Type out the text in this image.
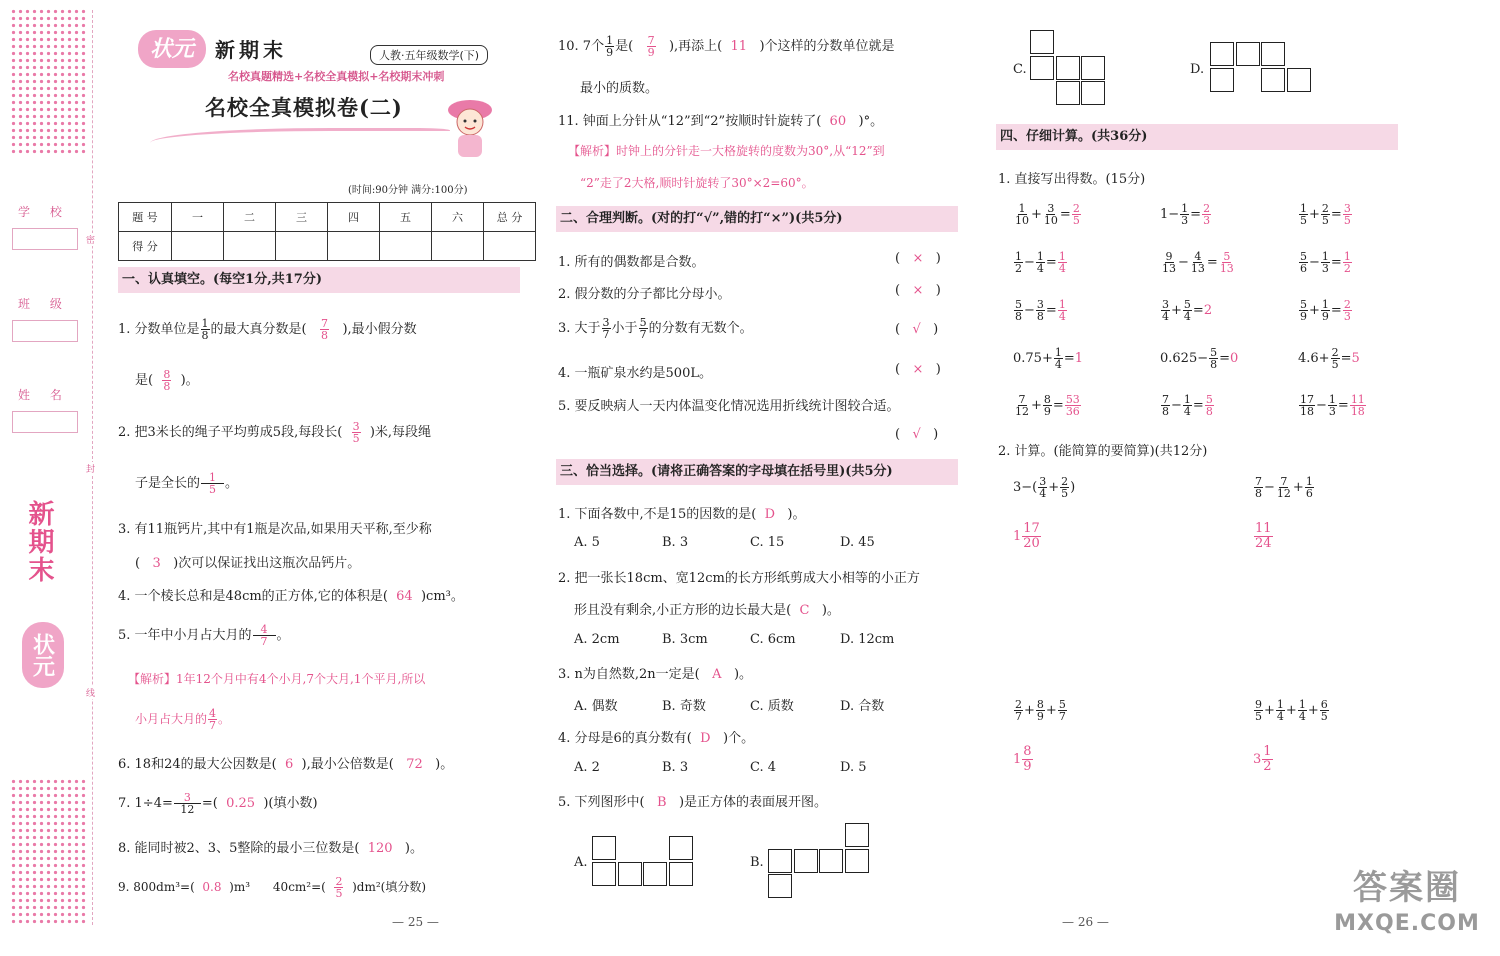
学 校
班 级
姓 名
密
封
线
新期末
状元
状元	新期末	人教·五年级数学(下)
名校真题精选+名校全真模拟+名校期末冲刺
名校全真模拟卷(二)
(时间:90分钟 满分:100分)
题 号	一	二	三	四	五	六	总 分
得 分							
一、认真填空。(每空1分,共17分)
1. 分数单位是 $\frac{1}{8}$ 的最大真分数是( $\frac{7}{8}$ ),最小假分数
是( $\frac{8}{8}$ )。
2. 把3米长的绳子平均剪成5段,每段长( $\frac{3}{5}$ )米,每段绳
子是全长的 $\frac{1}{5}$ 。
3. 有11瓶钙片,其中有1瓶是次品,如果用天平称,至少称
( 3 )次可以保证找出这瓶次品钙片。
4. 一个棱长总和是48cm的正方体,它的体积是( 64 )cm³。
5. 一年中小月占大月的 $\frac{4}{7}$ 。
【解析】1年12个月中有4个小月,7个大月,1个平月,所以
小月占大月的 $\frac{4}{7}$ 。
6. 18和24的最大公因数是( 6 ),最小公倍数是( 72 )。
7. $1\div 4= \frac{3}{12}$ =( 0.25 )(填小数)
8. 能同时被2、3、5整除的最小三位数是( 120 )。
9. 800dm³=( 0.8 )m³ $40cm^2=( \frac{2}{5} )dm^2$(填分数)
— 25 —
10. 7个 $\frac{1}{9}$ 是( $\frac{7}{9}$ ),再添上( 11 )个这样的分数单位就是
最小的质数。
11. 钟面上分针从“12”到“2”按顺时针旋转了( 60 )°。
【解析】时钟上的分针走一大格旋转的度数为30°,从“12”到
“2”走了2大格,顺时针旋转了30°×2=60°。
二、合理判断。(对的打“√”,错的打“×”)(共5分)
1. 所有的偶数都是合数。	(   ×   )
2. 假分数的分子都比分母小。	(   ×   )
3. 大于 $\frac{3}{7}$ 小于 $\frac{5}{7}$ 的分数有无数个。	(   √   )
4. 一瓶矿泉水约是500L。	(   ×   )
5. 要反映病人一天内体温变化情况选用折线统计图较合适。
(   √   )
三、恰当选择。(请将正确答案的字母填在括号里)(共5分)
1. 下面各数中,不是15的因数的是( D )。
A. 5	B. 3	C. 15	D. 45
2. 把一张长18cm、宽12cm的长方形纸剪成大小相等的小正方
形且没有剩余,小正方形的边长最大是( C )。
A. 2cm	B. 3cm	C. 6cm	D. 12cm
3. n为自然数,2n一定是( A )。
A. 偶数	B. 奇数	C. 质数	D. 合数
4. 分母是6的真分数有( D )个。
A. 2	B. 3	C. 4	D. 5
5. 下列图形中( B )是正方体的表面展开图。
A.	B.
C.	D.
四、仔细计算。(共36分)
1. 直接写出得数。(15分)
$\frac{1}{10} + \frac{3}{10} = \frac{2}{5}$	$1- \frac{1}{3} = \frac{2}{3}$	$\frac{1}{5} + \frac{2}{5} = \frac{3}{5}$
$\frac{1}{2} - \frac{1}{4} = \frac{1}{4}$	$\frac{9}{13} - \frac{4}{13} = \frac{5}{13}$	$\frac{5}{6} - \frac{1}{3} = \frac{1}{2}$
$\frac{5}{8} - \frac{3}{8} = \frac{1}{4}$	$\frac{3}{4} + \frac{5}{4} =2$	$\frac{5}{9} + \frac{1}{9} = \frac{2}{3}$
$0.75+ \frac{1}{4} =1$	$0.625- \frac{5}{8} =0$	$4.6+ \frac{2}{5} =5$
$\frac{7}{12} + \frac{8}{9} = \frac{53}{36}$	$\frac{7}{8} - \frac{1}{4} = \frac{5}{8}$	$\frac{17}{18} - \frac{1}{3} = \frac{11}{18}$
2. 计算。(能简算的要简算)(共12分)
$3-( \frac{3}{4} + \frac{2}{5}$ )
$1 \frac{17}{20}$
$\frac{7}{8} - \frac{7}{12} + \frac{1}{6}$
$\frac{11}{24}$
$\frac{2}{7} + \frac{8}{9} + \frac{5}{7}$
$1 \frac{8}{9}$
$\frac{9}{5} + \frac{1}{4} + \frac{1}{4} + \frac{6}{5}$
$3 \frac{1}{2}$
— 26 —
答案圈
MXQE.COM
